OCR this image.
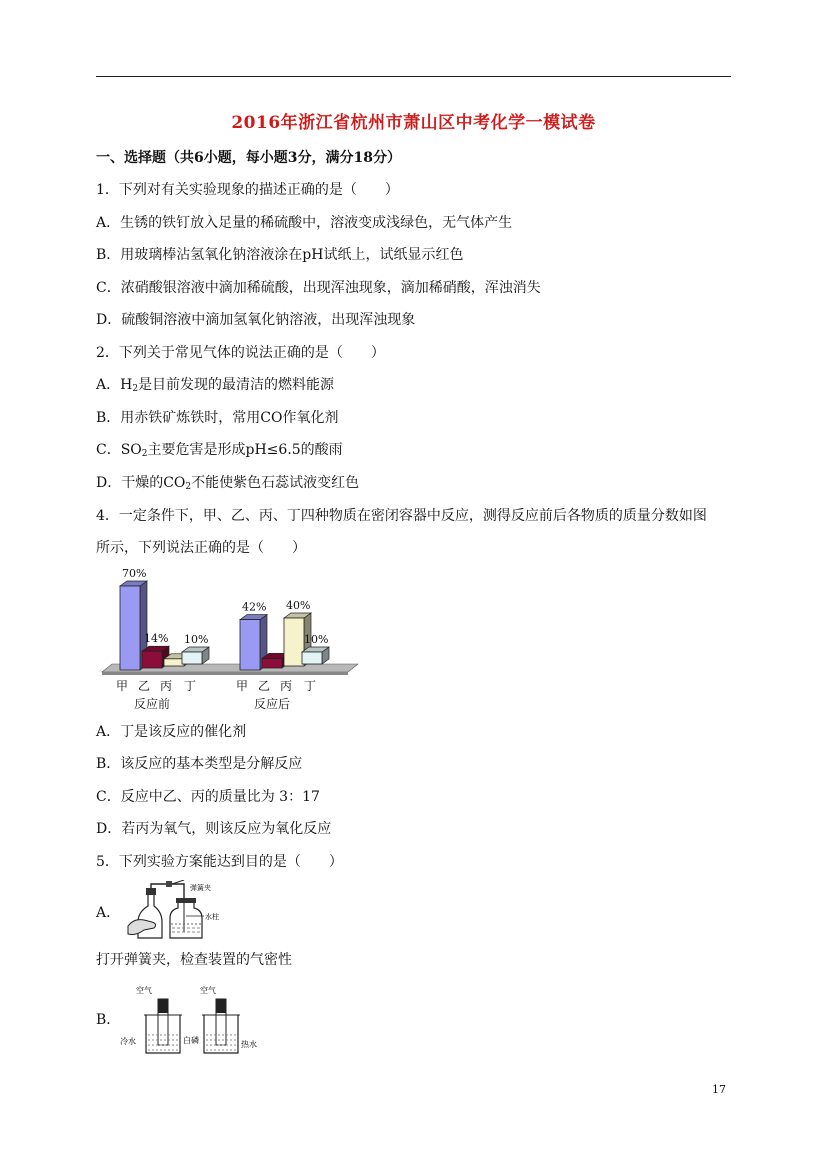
2016年浙江省杭州市萧山区中考化学一模试卷
一、选择题（共6小题，每小题3分，满分18分）
1．下列对有关实验现象的描述正确的是（　　）
A．生锈的铁钉放入足量的稀硫酸中，溶液变成浅绿色，无气体产生
B．用玻璃棒沾氢氧化钠溶液涂在pH试纸上，试纸显示红色
C．浓硝酸银溶液中滴加稀硫酸，出现浑浊现象，滴加稀硝酸，浑浊消失
D．硫酸铜溶液中滴加氢氧化钠溶液，出现浑浊现象
2．下列关于常见气体的说法正确的是（　　）
A．$H_2$是目前发现的最清洁的燃料能源
B．用赤铁矿炼铁时，常用CO作氧化剂
C．$SO_2$主要危害是形成pH≤6.5的酸雨
D．干燥的$CO_2$不能使紫色石蕊试液变红色
4．一定条件下，甲、乙、丙、丁四种物质在密闭容器中反应，测得反应前后各物质的质量分数如图
所示，下列说法正确的是（　　）
70%
14% 10%
甲 乙 丙 丁
反应前
42% 40%
10%
甲 乙 丙 丁
反应后
A．丁是该反应的催化剂
B．该反应的基本类型是分解反应
C．反应中乙、丙的质量比为 3：17
D．若丙为氧气，则该反应为氧化反应
5．下列实验方案能达到目的是（　　）
A．
弹簧夹
水柱
打开弹簧夹，检查装置的气密性
B．
空气	空气
冷水	白磷	热水
17
